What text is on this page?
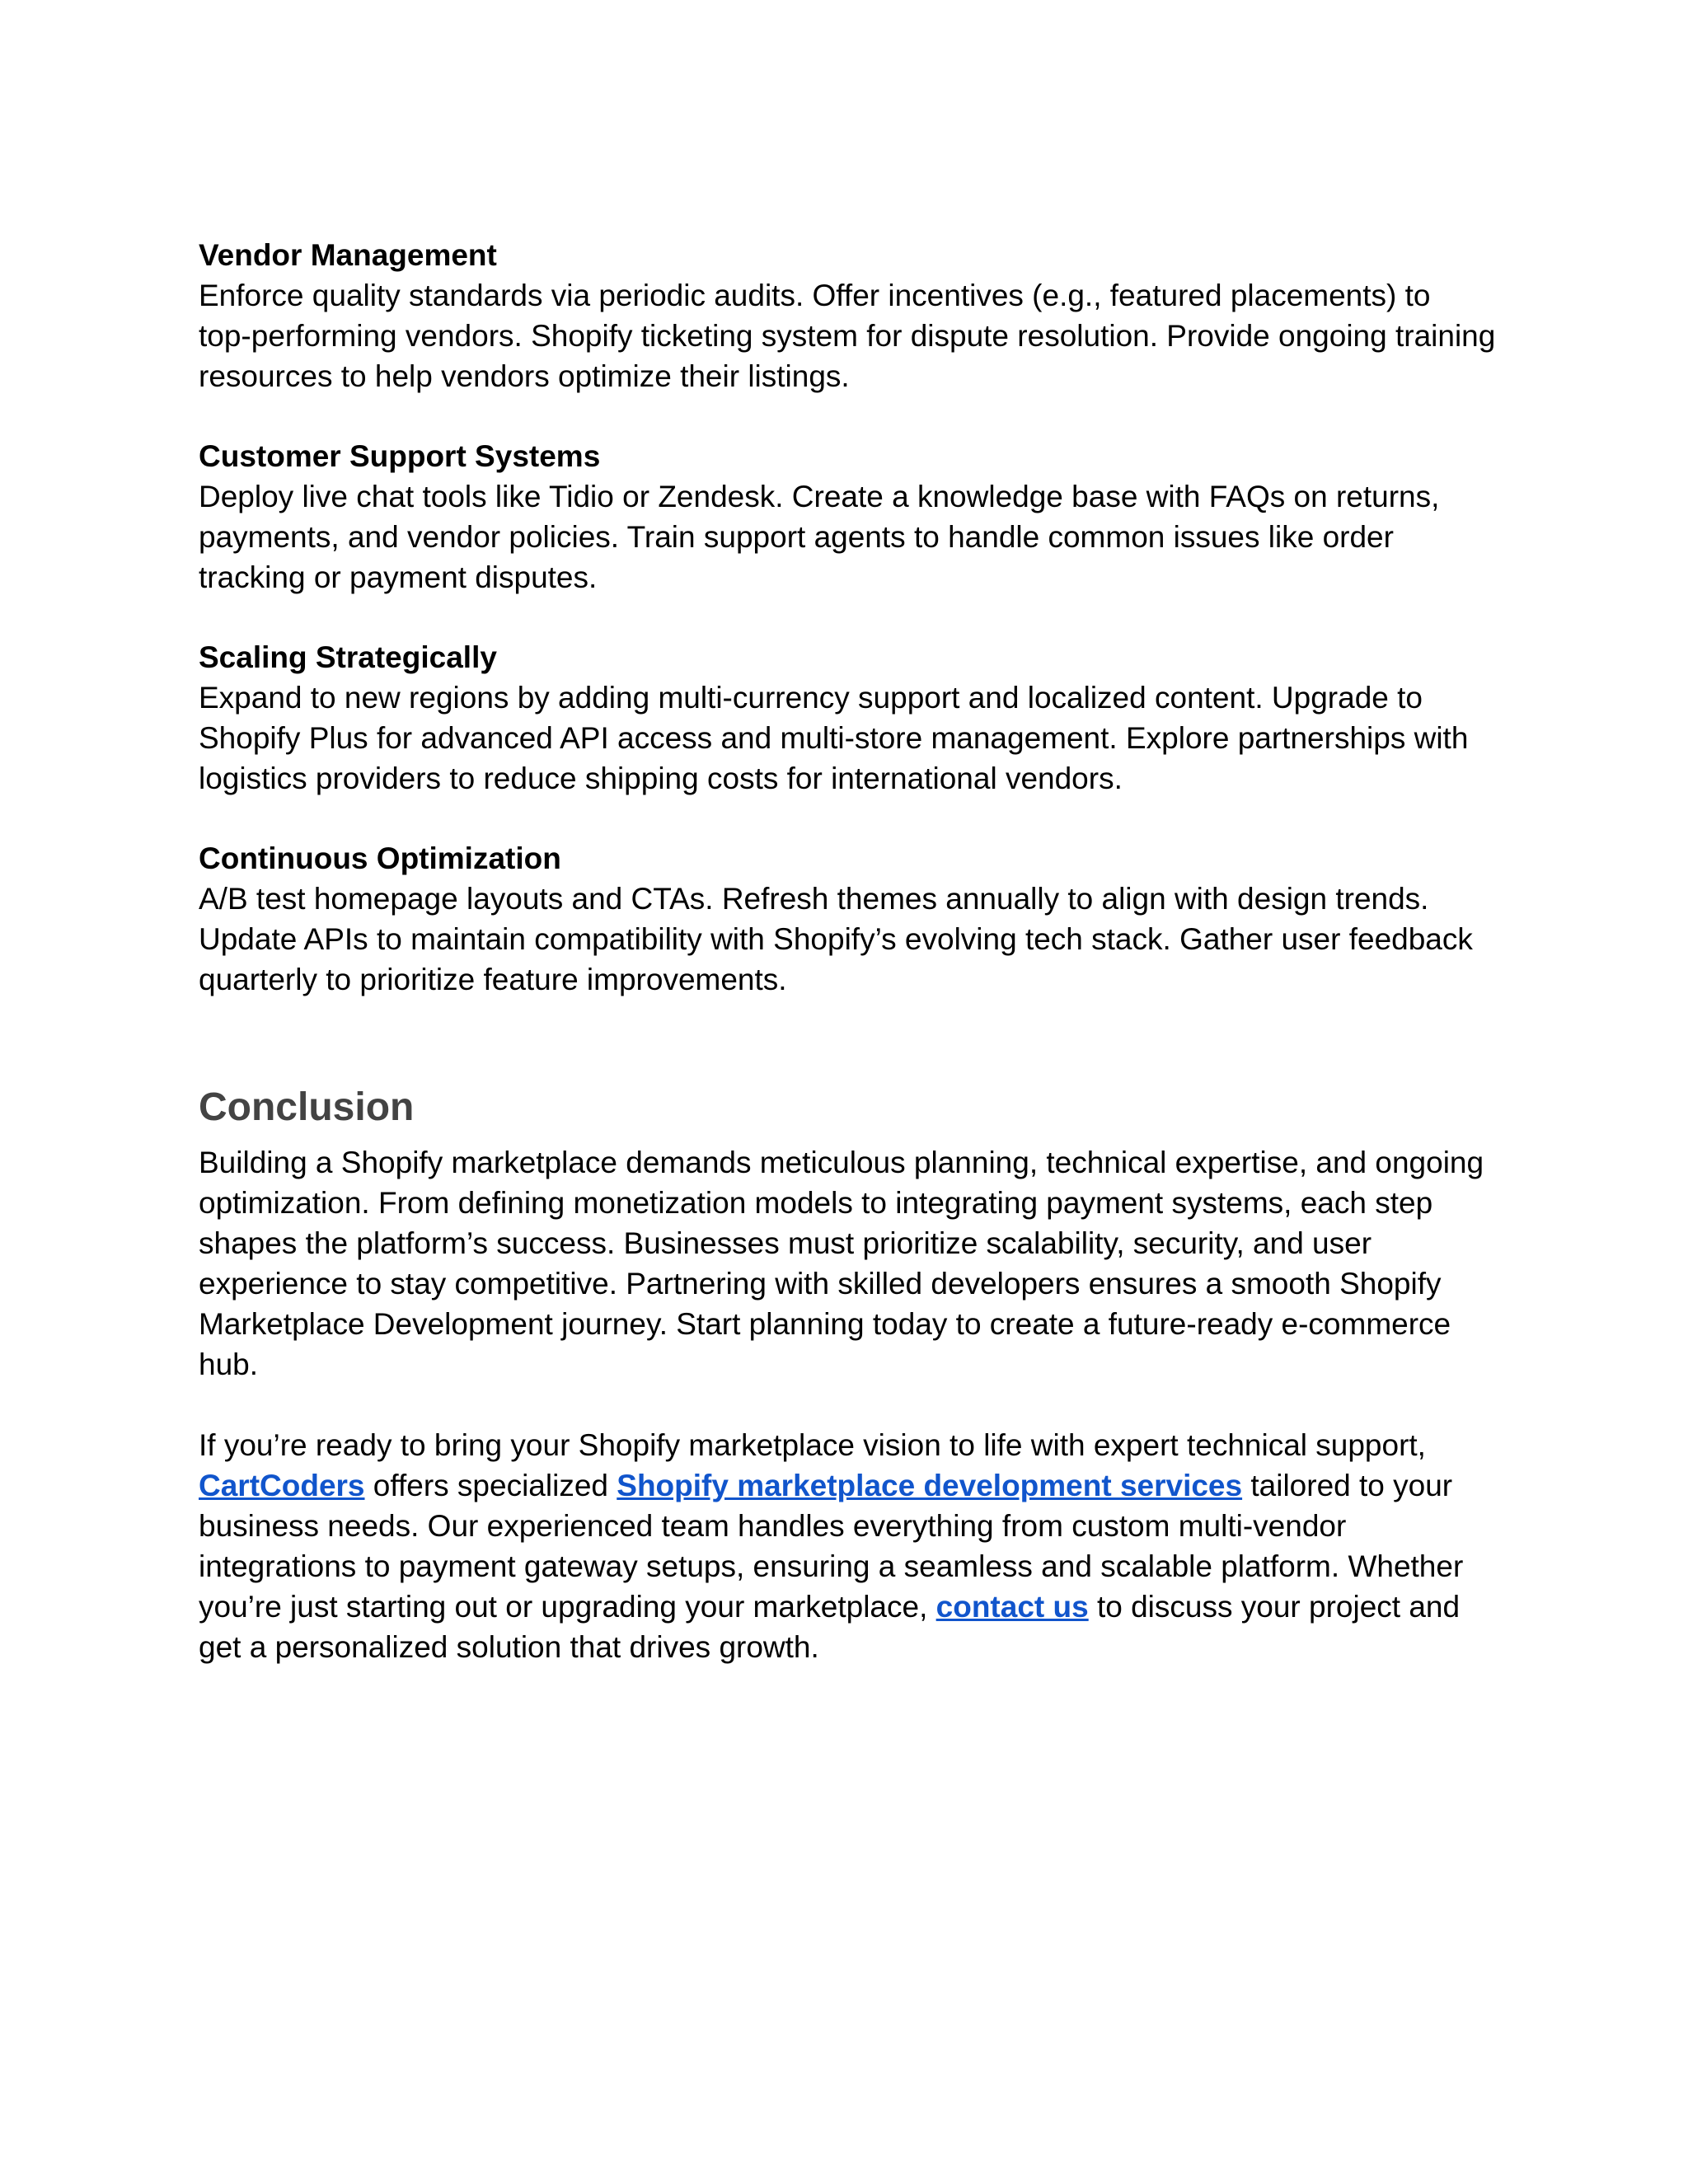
Vendor Management

Enforce quality standards via periodic audits. Offer incentives (e.g., featured placements) to
top-performing vendors. Shopify ticketing system for dispute resolution. Provide ongoing training
resources to help vendors optimize their listings.

Customer Support Systems

Deploy live chat tools like Tidio or Zendesk. Create a knowledge base with FAQs on returns,
payments, and vendor policies. Train support agents to handle common issues like order
tracking or payment disputes.

Scaling Strategically

Expand to new regions by adding multi-currency support and localized content. Upgrade to
Shopify Plus for advanced API access and multi-store management. Explore partnerships with
logistics providers to reduce shipping costs for international vendors.

Continuous Optimization

A/B test homepage layouts and CTAs. Refresh themes annually to align with design trends.
Update APIs to maintain compatibility with Shopify’s evolving tech stack. Gather user feedback
quarterly to prioritize feature improvements.

Conclusion

Building a Shopify marketplace demands meticulous planning, technical expertise, and ongoing
optimization. From defining monetization models to integrating payment systems, each step
shapes the platform’s success. Businesses must prioritize scalability, security, and user
experience to stay competitive. Partnering with skilled developers ensures a smooth Shopify
Marketplace Development journey. Start planning today to create a future-ready e-commerce
hub.

If you’re ready to bring your Shopify marketplace vision to life with expert technical support,
CartCoders offers specialized Shopify marketplace development services tailored to your
business needs. Our experienced team handles everything from custom multi-vendor
integrations to payment gateway setups, ensuring a seamless and scalable platform. Whether
you’re just starting out or upgrading your marketplace, contact us to discuss your project and
get a personalized solution that drives growth.
